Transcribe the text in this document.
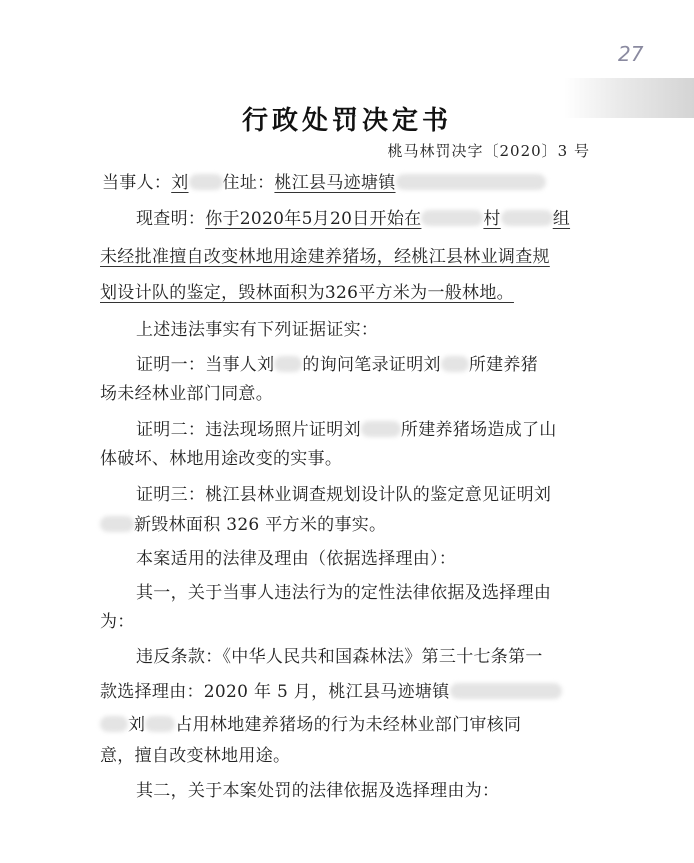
27
行政处罚决定书
桃马林罚决字〔2020〕3 号
当事人：刘 住址：桃江县马迹塘镇
现查明：你于2020年5月20日开始在	村	组
未经批准擅自改变林地用途建养猪场，经桃江县林业调查规
划设计队的鉴定，毁林面积为326平方米为一般林地。
上述违法事实有下列证据证实：
证明一：当事人刘 的询问笔录证明刘 所建养猪
场未经林业部门同意。
证明二：违法现场照片证明刘 所建养猪场造成了山
体破坏、林地用途改变的实事。
证明三：桃江县林业调查规划设计队的鉴定意见证明刘
新毁林面积 326 平方米的事实。
本案适用的法律及理由（依据选择理由）：
其一，关于当事人违法行为的定性法律依据及选择理由
为：
违反条款：《中华人民共和国森林法》第三十七条第一
款选择理由：2020 年 5 月，桃江县马迹塘镇
刘 占用林地建养猪场的行为未经林业部门审核同
意，擅自改变林地用途。
其二，关于本案处罚的法律依据及选择理由为：
